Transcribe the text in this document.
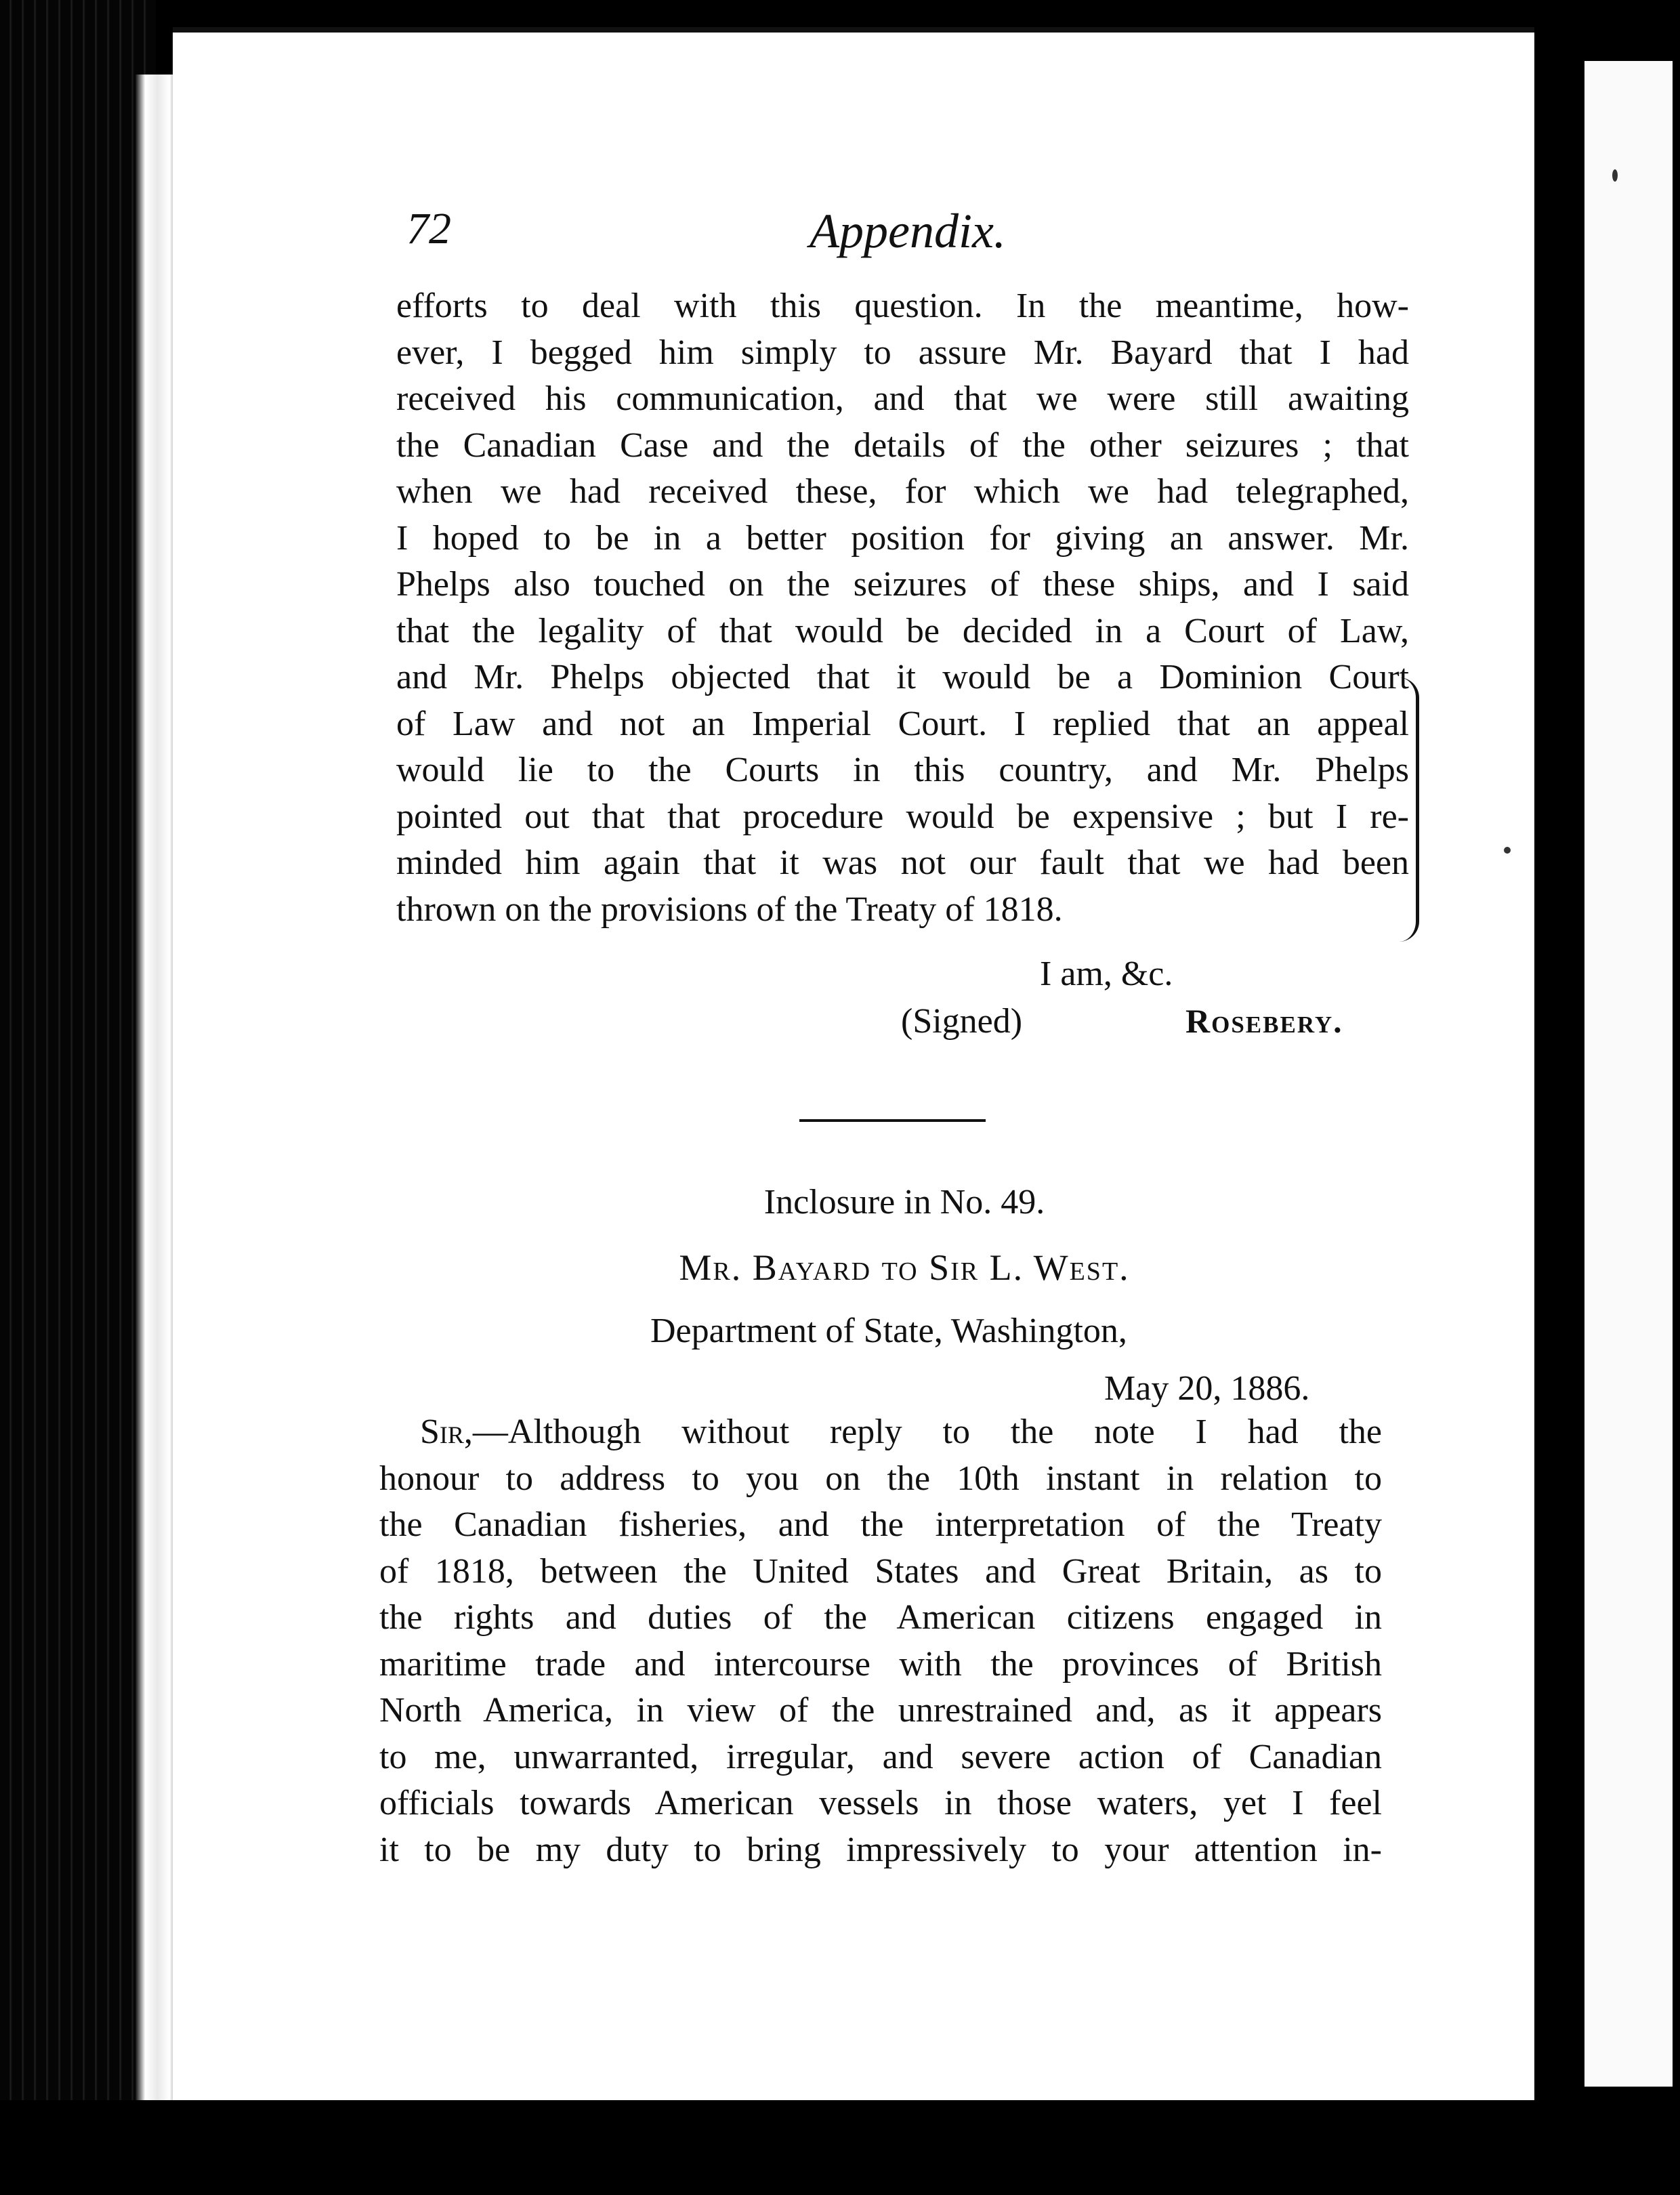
72	Appendix.
efforts to deal with this question. In the meantime, how-
ever, I begged him simply to assure Mr. Bayard that I had
received his communication, and that we were still awaiting
the Canadian Case and the details of the other seizures ; that
when we had received these, for which we had telegraphed,
I hoped to be in a better position for giving an answer. Mr.
Phelps also touched on the seizures of these ships, and I said
that the legality of that would be decided in a Court of Law,
and Mr. Phelps objected that it would be a Dominion Court
of Law and not an Imperial Court. I replied that an appeal
would lie to the Courts in this country, and Mr. Phelps
pointed out that that procedure would be expensive ; but I re-
minded him again that it was not our fault that we had been
thrown on the provisions of the Treaty of 1818.
I am, &c.
(Signed)	Rosebery.
Inclosure in No. 49.
Mr. Bayard to Sir L. West.
Department of State, Washington,
May 20, 1886.
Sir,—Although without reply to the note I had the
honour to address to you on the 10th instant in relation to
the Canadian fisheries, and the interpretation of the Treaty
of 1818, between the United States and Great Britain, as to
the rights and duties of the American citizens engaged in
maritime trade and intercourse with the provinces of British
North America, in view of the unrestrained and, as it appears
to me, unwarranted, irregular, and severe action of Canadian
officials towards American vessels in those waters, yet I feel
it to be my duty to bring impressively to your attention in-
